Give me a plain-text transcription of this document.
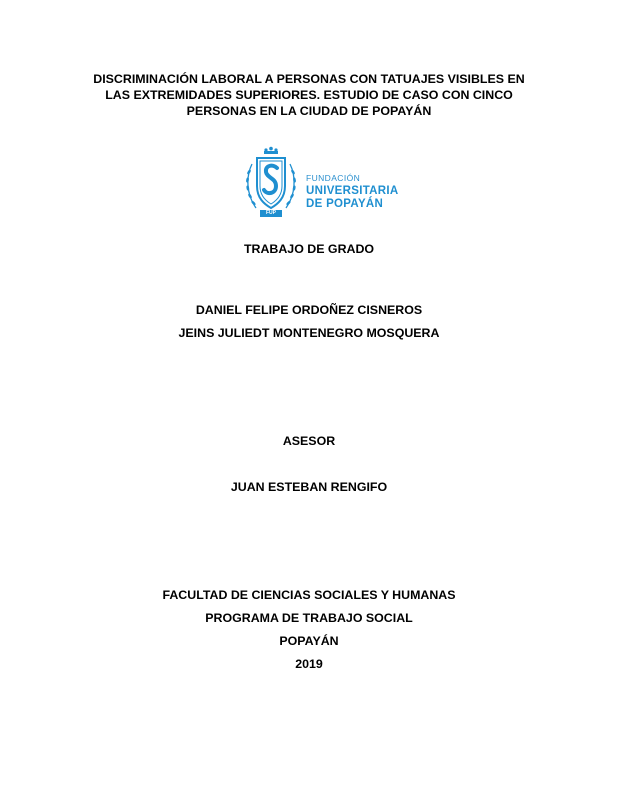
DISCRIMINACIÓN LABORAL A PERSONAS CON TATUAJES VISIBLES EN
LAS EXTREMIDADES SUPERIORES. ESTUDIO DE CASO CON CINCO
PERSONAS EN LA CIUDAD DE POPAYÁN
FUP
FUNDACIÓN
UNIVERSITARIA
DE POPAYÁN
TRABAJO DE GRADO
DANIEL FELIPE ORDOÑEZ CISNEROS
JEINS JULIEDT MONTENEGRO MOSQUERA
ASESOR
JUAN ESTEBAN RENGIFO
FACULTAD DE CIENCIAS SOCIALES Y HUMANAS
PROGRAMA DE TRABAJO SOCIAL
POPAYÁN
2019
